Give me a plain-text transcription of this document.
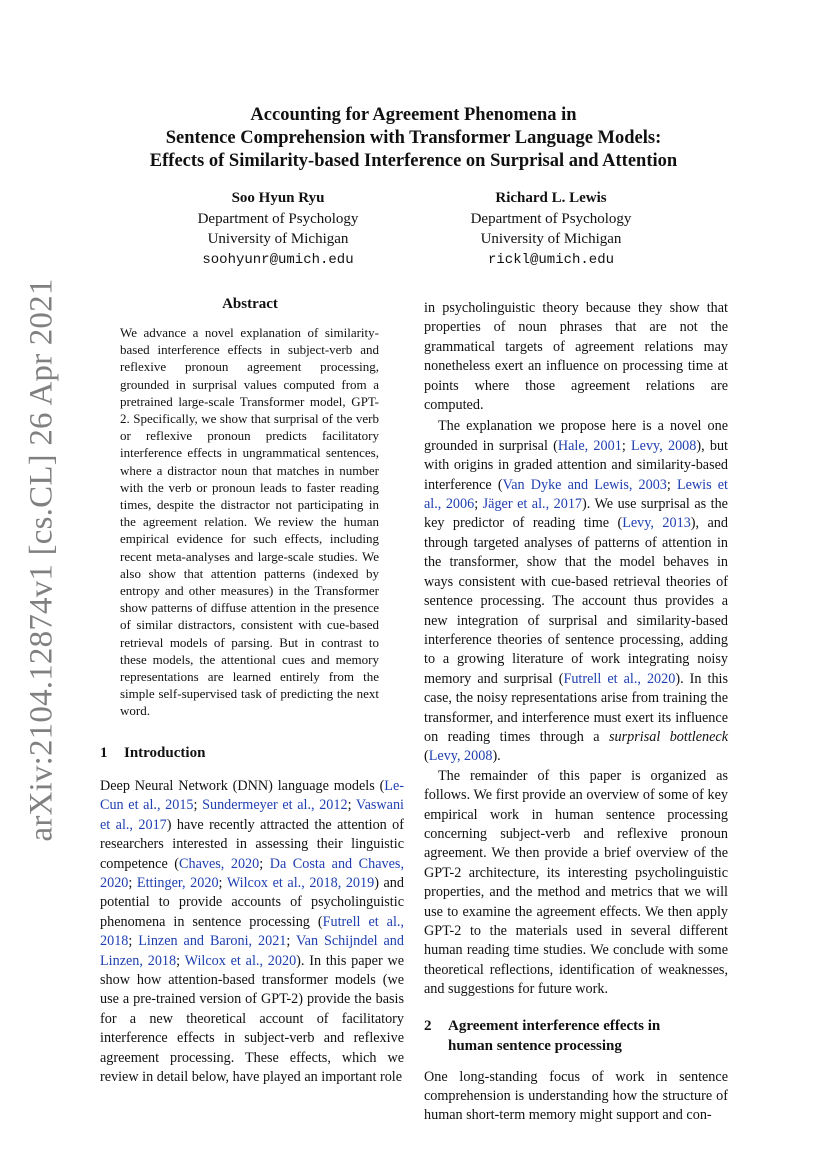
arXiv:2104.12874v1 [cs.CL] 26 Apr 2021
Accounting for Agreement Phenomena in
Sentence Comprehension with Transformer Language Models:
Effects of Similarity-based Interference on Surprisal and Attention
Soo Hyun Ryu
Department of Psychology
University of Michigan
soohyunr@umich.edu
Richard L. Lewis
Department of Psychology
University of Michigan
rickl@umich.edu
Abstract

We advance a novel explanation of similarity-based interference effects in subject-verb and reflexive pronoun agreement processing, grounded in surprisal values computed from a pretrained large-scale Transformer model, GPT-2. Specifically, we show that surprisal of the verb or reflexive pronoun predicts facilitatory interference effects in ungrammatical sentences, where a distractor noun that matches in number with the verb or pronoun leads to faster reading times, despite the distractor not participating in the agreement relation. We review the human empirical evidence for such effects, including recent meta-analyses and large-scale studies. We also show that attention patterns (indexed by entropy and other measures) in the Transformer show patterns of diffuse attention in the presence of similar distractors, consistent with cue-based retrieval models of parsing. But in contrast to these models, the attentional cues and memory representations are learned entirely from the simple self-supervised task of predicting the next word.

1 Introduction

Deep Neural Network (DNN) language models (Le-Cun et al., 2015; Sundermeyer et al., 2012; Vaswani et al., 2017) have recently attracted the attention of researchers interested in assessing their linguistic competence (Chaves, 2020; Da Costa and Chaves, 2020; Ettinger, 2020; Wilcox et al., 2018, 2019) and potential to provide accounts of psycholinguistic phenomena in sentence processing (Futrell et al., 2018; Linzen and Baroni, 2021; Van Schijndel and Linzen, 2018; Wilcox et al., 2020). In this paper we show how attention-based transformer models (we use a pre-trained version of GPT-2) provide the basis for a new theoretical account of facilitatory interference effects in subject-verb and reflexive agreement processing. These effects, which we review in detail below, have played an important role

in psycholinguistic theory because they show that properties of noun phrases that are not the grammatical targets of agreement relations may nonetheless exert an influence on processing time at points where those agreement relations are computed.

The explanation we propose here is a novel one grounded in surprisal (Hale, 2001; Levy, 2008), but with origins in graded attention and similarity-based interference (Van Dyke and Lewis, 2003; Lewis et al., 2006; Jäger et al., 2017). We use surprisal as the key predictor of reading time (Levy, 2013), and through targeted analyses of patterns of attention in the transformer, show that the model behaves in ways consistent with cue-based retrieval theories of sentence processing. The account thus provides a new integration of surprisal and similarity-based interference theories of sentence processing, adding to a growing literature of work integrating noisy memory and surprisal (Futrell et al., 2020). In this case, the noisy representations arise from training the transformer, and interference must exert its influence on reading times through a surprisal bottleneck (Levy, 2008).

The remainder of this paper is organized as follows. We first provide an overview of some of key empirical work in human sentence processing concerning subject-verb and reflexive pronoun agreement. We then provide a brief overview of the GPT-2 architecture, its interesting psycholinguistic properties, and the method and metrics that we will use to examine the agreement effects. We then apply GPT-2 to the materials used in several different human reading time studies. We conclude with some theoretical reflections, identification of weaknesses, and suggestions for future work.

2 Agreement interference effects in
human sentence processing

One long-standing focus of work in sentence comprehension is understanding how the structure of human short-term memory might support and con-
